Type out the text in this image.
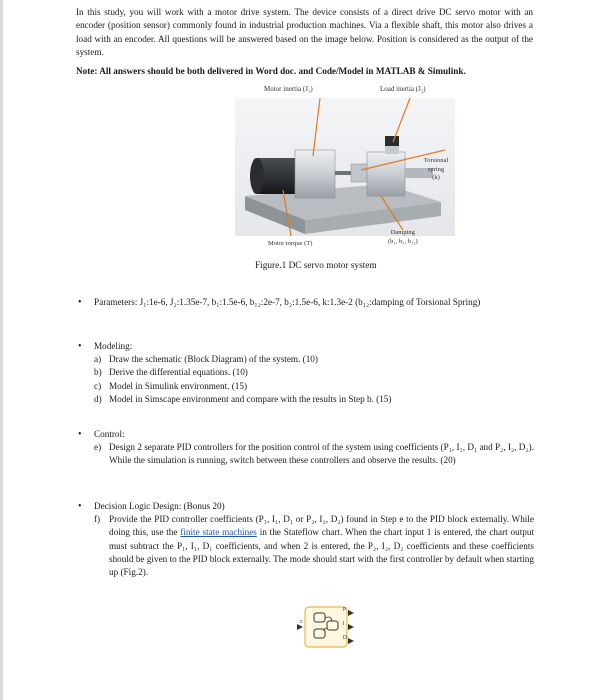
In this study, you will work with a motor drive system. The device consists of a direct drive DC servo motor with an encoder (position sensor) commonly found in industrial production machines. Via a flexible shaft, this motor also drives a load with an encoder. All questions will be answered based on the image below. Position is considered as the output of the system.
Note: All answers should be both delivered in Word doc. and Code/Model in MATLAB & Simulink.
Motor inertia (J₁)	Load inertia (J₂)
Torsional
spring
(k)
Motor torque (T)
Damping
(b₁, b₂, b₁₂)
Figure.1 DC servo motor system
• Parameters: J₁:1e-6, J₂:1.35e-7, b₁:1.5e-6, b₁₂:2e-7, b₂:1.5e-6, k:1.3e-2 (b₁₂:damping of Torsional Spring)
• Modeling:
a) Draw the schematic (Block Diagram) of the system. (10)
b) Derive the differential equations. (10)
c) Model in Simulink environment. (15)
d) Model in Simscape environment and compare with the results in Step b. (15)
• Control:
e) Design 2 separate PID controllers for the position control of the system using coefficients (P₁, I₁, D₁ and P₂, I₂, D₂). While the simulation is running, switch between these controllers and observe the results. (20)
• Decision Logic Design: (Bonus 20)
f) Provide the PID controller coefficients (P₁, I₁, D₁ or P₂, I₂, D₂) found in Step e to the PID block externally. While doing this, use the finite state machines in the Stateflow chart. When the chart input 1 is entered, the chart output must subtract the P₁, I₁, D₁ coefficients, and when 2 is entered, the P₂, I₂, D₂ coefficients and these coefficients should be given to the PID block externally. The mode should start with the first controller by default when starting up (Fig.2).
c
P
I
D
